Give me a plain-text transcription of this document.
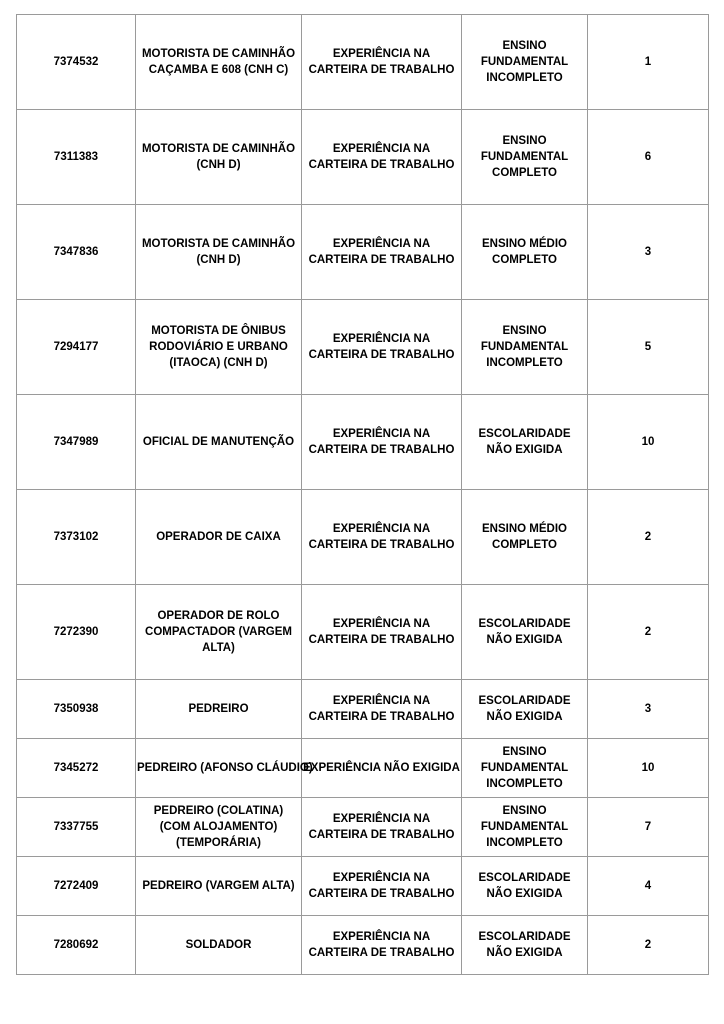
7374532	MOTORISTA DE CAMINHÃO CAÇAMBA E 608 (CNH C)	EXPERIÊNCIA NA CARTEIRA DE TRABALHO	ENSINO FUNDAMENTAL INCOMPLETO	1
7311383	MOTORISTA DE CAMINHÃO (CNH D)	EXPERIÊNCIA NA CARTEIRA DE TRABALHO	ENSINO FUNDAMENTAL COMPLETO	6
7347836	MOTORISTA DE CAMINHÃO (CNH D)	EXPERIÊNCIA NA CARTEIRA DE TRABALHO	ENSINO MÉDIO COMPLETO	3
7294177	MOTORISTA DE ÔNIBUS RODOVIÁRIO E URBANO (ITAOCA) (CNH D)	EXPERIÊNCIA NA CARTEIRA DE TRABALHO	ENSINO FUNDAMENTAL INCOMPLETO	5
7347989	OFICIAL DE MANUTENÇÃO	EXPERIÊNCIA NA CARTEIRA DE TRABALHO	ESCOLARIDADE NÃO EXIGIDA	10
7373102	OPERADOR DE CAIXA	EXPERIÊNCIA NA CARTEIRA DE TRABALHO	ENSINO MÉDIO COMPLETO	2
7272390	OPERADOR DE ROLO COMPACTADOR (VARGEM ALTA)	EXPERIÊNCIA NA CARTEIRA DE TRABALHO	ESCOLARIDADE NÃO EXIGIDA	2
7350938	PEDREIRO	EXPERIÊNCIA NA CARTEIRA DE TRABALHO	ESCOLARIDADE NÃO EXIGIDA	3
7345272	PEDREIRO (AFONSO CLÁUDIO)	EXPERIÊNCIA NÃO EXIGIDA	ENSINO FUNDAMENTAL INCOMPLETO	10
7337755	PEDREIRO (COLATINA) (COM ALOJAMENTO) (TEMPORÁRIA)	EXPERIÊNCIA NA CARTEIRA DE TRABALHO	ENSINO FUNDAMENTAL INCOMPLETO	7
7272409	PEDREIRO (VARGEM ALTA)	EXPERIÊNCIA NA CARTEIRA DE TRABALHO	ESCOLARIDADE NÃO EXIGIDA	4
7280692	SOLDADOR	EXPERIÊNCIA NA CARTEIRA DE TRABALHO	ESCOLARIDADE NÃO EXIGIDA	2
